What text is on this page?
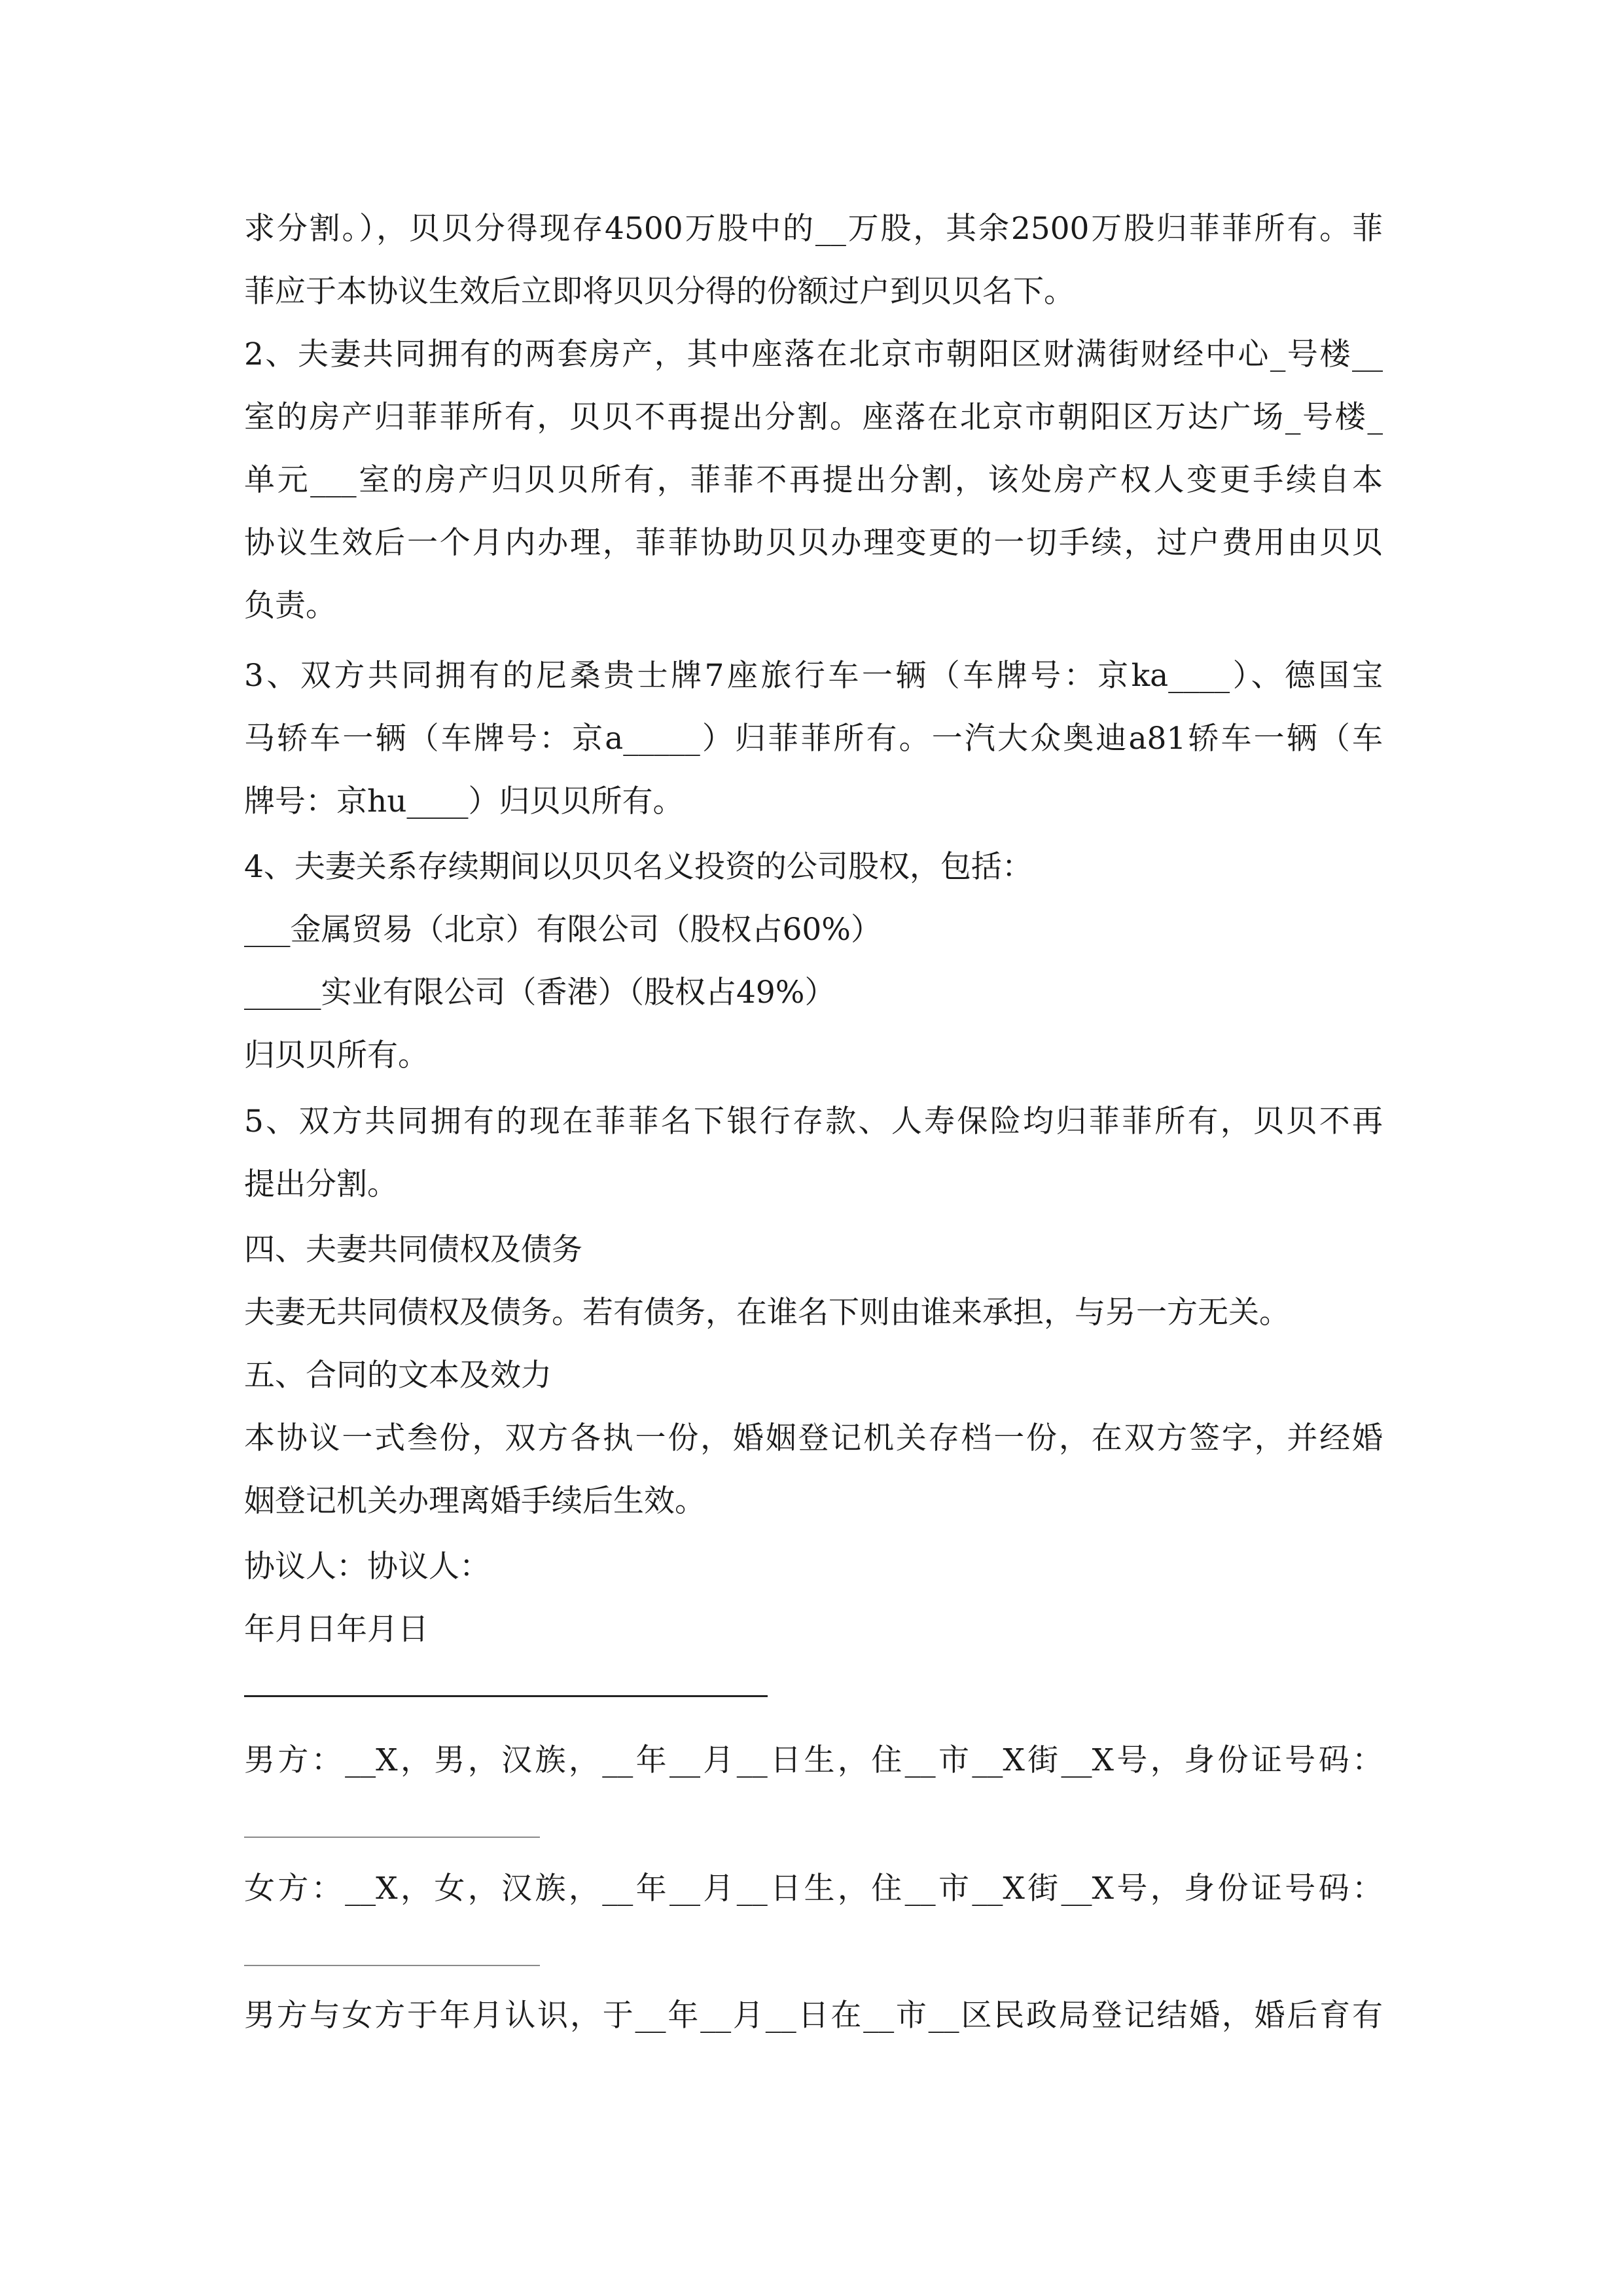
求分割。），贝贝分得现存4500万股中的__万股，其余2500万股归菲菲所有。菲
菲应于本协议生效后立即将贝贝分得的份额过户到贝贝名下。
2、夫妻共同拥有的两套房产，其中座落在北京市朝阳区财满街财经中心_号楼__
室的房产归菲菲所有，贝贝不再提出分割。座落在北京市朝阳区万达广场_号楼_
单元___室的房产归贝贝所有，菲菲不再提出分割，该处房产权人变更手续自本
协议生效后一个月内办理，菲菲协助贝贝办理变更的一切手续，过户费用由贝贝
负责。
3、双方共同拥有的尼桑贵士牌7座旅行车一辆（车牌号：京ka____）、德国宝
马轿车一辆（车牌号：京a_____）归菲菲所有。一汽大众奥迪a81轿车一辆（车
牌号：京hu____）归贝贝所有。
4、夫妻关系存续期间以贝贝名义投资的公司股权，包括：
___金属贸易（北京）有限公司（股权占60%）
_____实业有限公司（香港）（股权占49%）
归贝贝所有。
5、双方共同拥有的现在菲菲名下银行存款、人寿保险均归菲菲所有，贝贝不再
提出分割。
四、夫妻共同债权及债务
夫妻无共同债权及债务。若有债务，在谁名下则由谁来承担，与另一方无关。
五、合同的文本及效力
本协议一式叁份，双方各执一份，婚姻登记机关存档一份，在双方签字，并经婚
姻登记机关办理离婚手续后生效。
协议人：协议人：
年月日年月日
男方：__X，男，汉族，__年__月__日生，住__市__X街__X号，身份证号码：
女方：__X，女，汉族，__年__月__日生，住__市__X街__X号，身份证号码：
男方与女方于年月认识，于__年__月__日在__市__区民政局登记结婚，婚后育有
